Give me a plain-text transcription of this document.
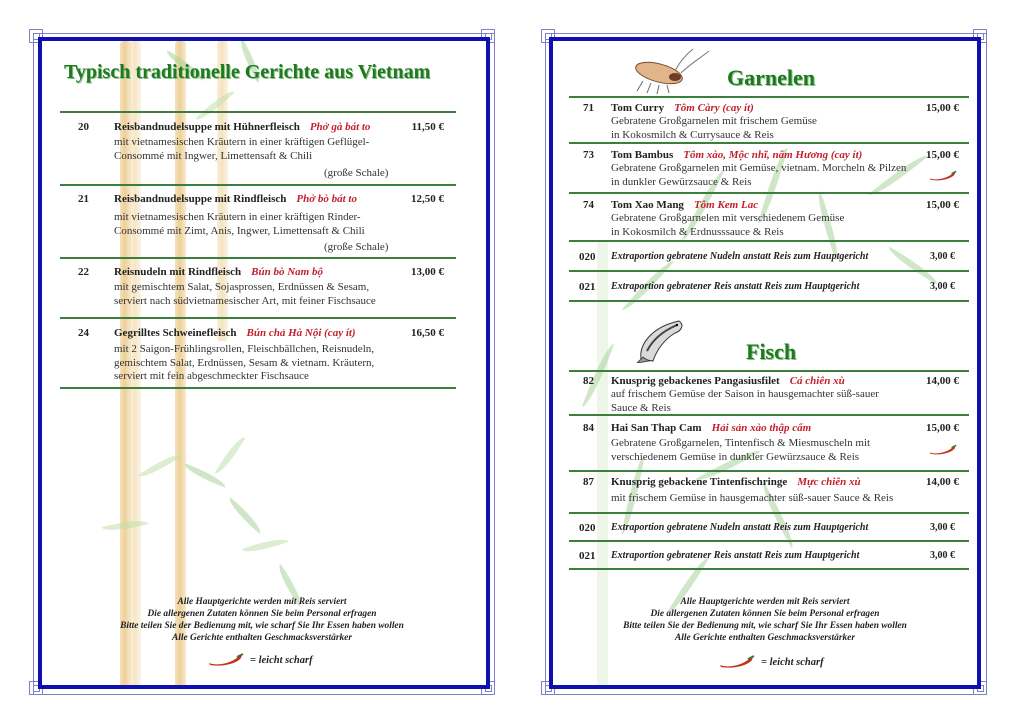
Typisch traditionelle Gerichte aus Vietnam
20 Reisbandnudelsuppe mit Hühnerfleisch Phở gà bát to	11,50 €
mit vietnamesischen Kräutern in einer kräftigen Geflügel-
Consommé mit Ingwer, Limettensaft & Chili
(große Schale)
21 Reisbandnudelsuppe mit Rindfleisch Phở bò bát to	12,50 €
mit vietnamesischen Kräutern in einer kräftigen Rinder-
Consommé mit Zimt, Anis, Ingwer, Limettensaft & Chili
(große Schale)
22 Reisnudeln mit Rindfleisch Bún bò Nam bộ	13,00 €
mit gemischtem Salat, Sojasprossen, Erdnüssen & Sesam,
serviert nach südvietnamesischer Art, mit feiner Fischsauce
24 Gegrilltes Schweinefleisch Bún chả Hà Nội (cay ít)	16,50 €
mit 2 Saigon-Frühlingsrollen, Fleischbällchen, Reisnudeln,
gemischtem Salat, Erdnüssen, Sesam & vietnam. Kräutern,
serviert mit fein abgeschmeckter Fischsauce
Alle Hauptgerichte werden mit Reis serviert
Die allergenen Zutaten können Sie beim Personal erfragen
Bitte teilen Sie der Bedienung mit, wie scharf Sie Ihr Essen haben wollen
Alle Gerichte enthalten Geschmacksverstärker
= leicht scharf
Garnelen
71 Tom Curry Tôm Càry (cay ít)	15,00 €
Gebratene Großgarnelen mit frischem Gemüse
in Kokosmilch & Currysauce & Reis
73 Tom Bambus Tôm xào, Mộc nhĩ, nấm Hương (cay ít)	15,00 €
Gebratene Großgarnelen mit Gemüse, vietnam. Morcheln & Pilzen
in dunkler Gewürzsauce & Reis
74 Tom Xao Mang Tôm Kem Lac	15,00 €
Gebratene Großgarnelen mit verschiedenem Gemüse
in Kokosmilch & Erdnusssauce & Reis
020 Extraportion gebratene Nudeln anstatt Reis zum Hauptgericht	3,00 €
021 Extraportion gebratener Reis anstatt Reis zum Hauptgericht	3,00 €
Fisch
82 Knusprig gebackenes Pangasiusfilet Cá chiên xù	14,00 €
auf frischem Gemüse der Saison in hausgemachter süß-sauer
Sauce & Reis
84 Hai San Thap Cam Hải sản xào thập cẩm	15,00 €
Gebratene Großgarnelen, Tintenfisch & Miesmuscheln mit
verschiedenem Gemüse in dunkler Gewürzsauce & Reis
87 Knusprig gebackene Tintenfischringe Mực chiên xù	14,00 €
mit frischem Gemüse in hausgemachter süß-sauer Sauce & Reis
020 Extraportion gebratene Nudeln anstatt Reis zum Hauptgericht	3,00 €
021 Extraportion gebratener Reis anstatt Reis zum Hauptgericht	3,00 €
Alle Hauptgerichte werden mit Reis serviert
Die allergenen Zutaten können Sie beim Personal erfragen
Bitte teilen Sie der Bedienung mit, wie scharf Sie Ihr Essen haben wollen
Alle Gerichte enthalten Geschmacksverstärker
= leicht scharf
